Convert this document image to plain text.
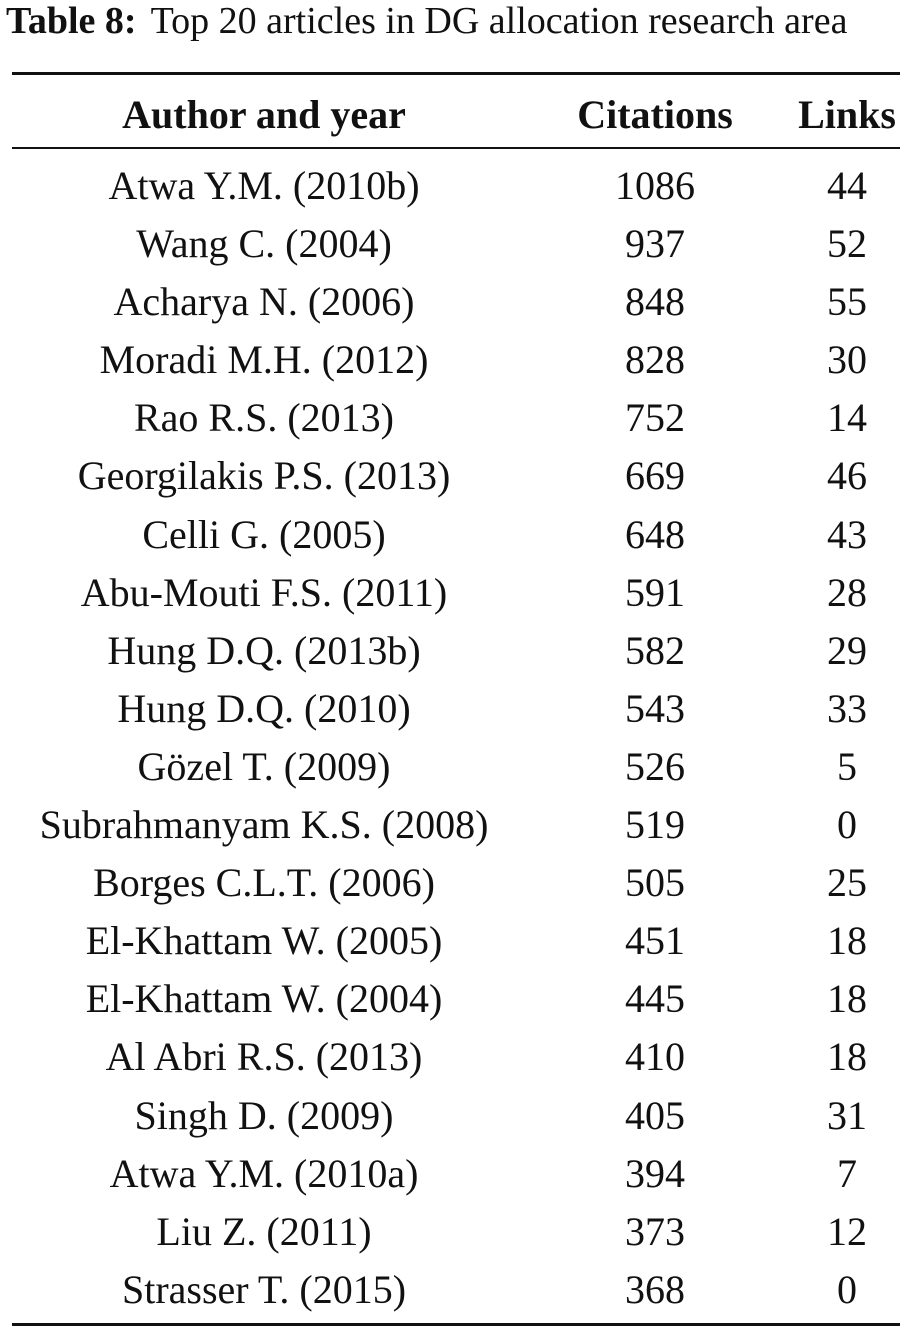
Table 8: Top 20 articles in DG allocation research area
Author and year	Citations	Links
Atwa Y.M. (2010b)	1086	44
Wang C. (2004)	937	52
Acharya N. (2006)	848	55
Moradi M.H. (2012)	828	30
Rao R.S. (2013)	752	14
Georgilakis P.S. (2013)	669	46
Celli G. (2005)	648	43
Abu-Mouti F.S. (2011)	591	28
Hung D.Q. (2013b)	582	29
Hung D.Q. (2010)	543	33
Gözel T. (2009)	526	5
Subrahmanyam K.S. (2008)	519	0
Borges C.L.T. (2006)	505	25
El-Khattam W. (2005)	451	18
El-Khattam W. (2004)	445	18
Al Abri R.S. (2013)	410	18
Singh D. (2009)	405	31
Atwa Y.M. (2010a)	394	7
Liu Z. (2011)	373	12
Strasser T. (2015)	368	0
